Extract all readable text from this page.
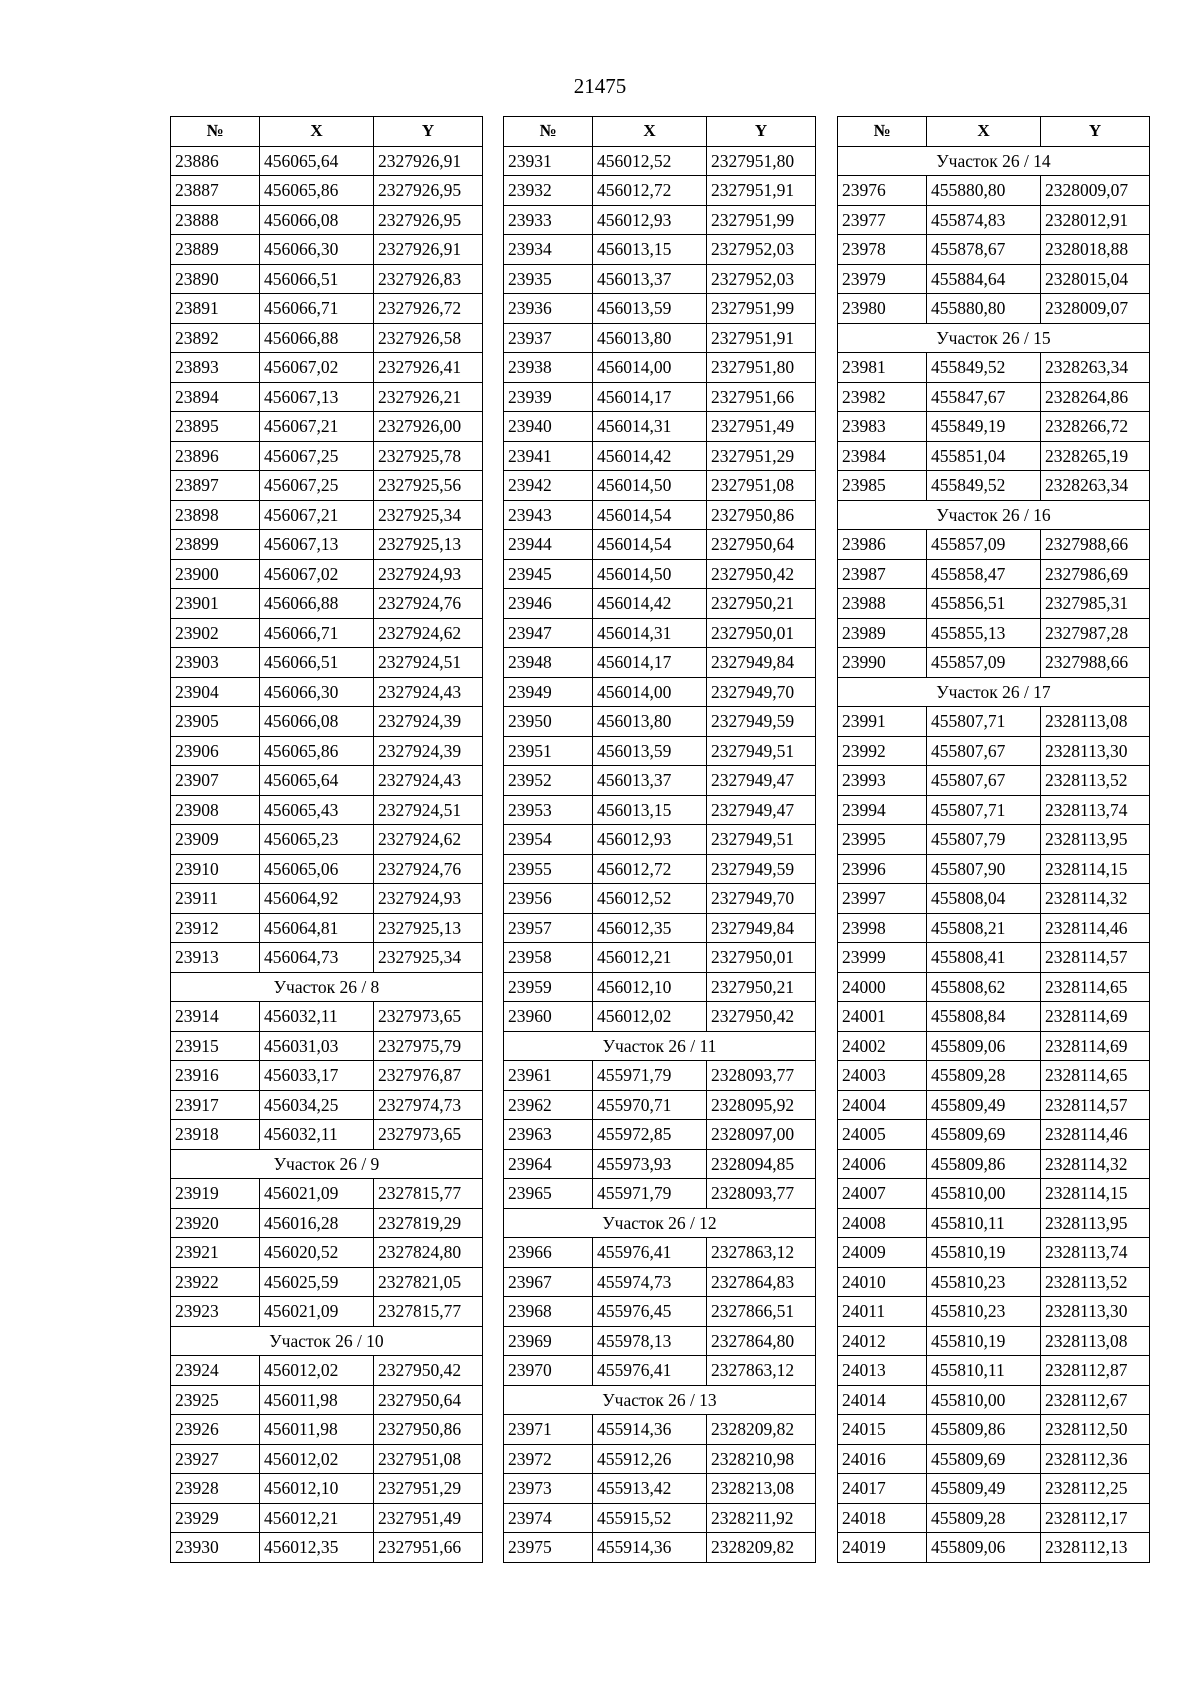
21475
№	X	Y
23886	456065,64	2327926,91
23887	456065,86	2327926,95
23888	456066,08	2327926,95
23889	456066,30	2327926,91
23890	456066,51	2327926,83
23891	456066,71	2327926,72
23892	456066,88	2327926,58
23893	456067,02	2327926,41
23894	456067,13	2327926,21
23895	456067,21	2327926,00
23896	456067,25	2327925,78
23897	456067,25	2327925,56
23898	456067,21	2327925,34
23899	456067,13	2327925,13
23900	456067,02	2327924,93
23901	456066,88	2327924,76
23902	456066,71	2327924,62
23903	456066,51	2327924,51
23904	456066,30	2327924,43
23905	456066,08	2327924,39
23906	456065,86	2327924,39
23907	456065,64	2327924,43
23908	456065,43	2327924,51
23909	456065,23	2327924,62
23910	456065,06	2327924,76
23911	456064,92	2327924,93
23912	456064,81	2327925,13
23913	456064,73	2327925,34
Участок 26 / 8		
23914	456032,11	2327973,65
23915	456031,03	2327975,79
23916	456033,17	2327976,87
23917	456034,25	2327974,73
23918	456032,11	2327973,65
Участок 26 / 9		
23919	456021,09	2327815,77
23920	456016,28	2327819,29
23921	456020,52	2327824,80
23922	456025,59	2327821,05
23923	456021,09	2327815,77
Участок 26 / 10		
23924	456012,02	2327950,42
23925	456011,98	2327950,64
23926	456011,98	2327950,86
23927	456012,02	2327951,08
23928	456012,10	2327951,29
23929	456012,21	2327951,49
23930	456012,35	2327951,66
№	X	Y
23931	456012,52	2327951,80
23932	456012,72	2327951,91
23933	456012,93	2327951,99
23934	456013,15	2327952,03
23935	456013,37	2327952,03
23936	456013,59	2327951,99
23937	456013,80	2327951,91
23938	456014,00	2327951,80
23939	456014,17	2327951,66
23940	456014,31	2327951,49
23941	456014,42	2327951,29
23942	456014,50	2327951,08
23943	456014,54	2327950,86
23944	456014,54	2327950,64
23945	456014,50	2327950,42
23946	456014,42	2327950,21
23947	456014,31	2327950,01
23948	456014,17	2327949,84
23949	456014,00	2327949,70
23950	456013,80	2327949,59
23951	456013,59	2327949,51
23952	456013,37	2327949,47
23953	456013,15	2327949,47
23954	456012,93	2327949,51
23955	456012,72	2327949,59
23956	456012,52	2327949,70
23957	456012,35	2327949,84
23958	456012,21	2327950,01
23959	456012,10	2327950,21
23960	456012,02	2327950,42
Участок 26 / 11		
23961	455971,79	2328093,77
23962	455970,71	2328095,92
23963	455972,85	2328097,00
23964	455973,93	2328094,85
23965	455971,79	2328093,77
Участок 26 / 12		
23966	455976,41	2327863,12
23967	455974,73	2327864,83
23968	455976,45	2327866,51
23969	455978,13	2327864,80
23970	455976,41	2327863,12
Участок 26 / 13		
23971	455914,36	2328209,82
23972	455912,26	2328210,98
23973	455913,42	2328213,08
23974	455915,52	2328211,92
23975	455914,36	2328209,82
№	X	Y
Участок 26 / 14		
23976	455880,80	2328009,07
23977	455874,83	2328012,91
23978	455878,67	2328018,88
23979	455884,64	2328015,04
23980	455880,80	2328009,07
Участок 26 / 15		
23981	455849,52	2328263,34
23982	455847,67	2328264,86
23983	455849,19	2328266,72
23984	455851,04	2328265,19
23985	455849,52	2328263,34
Участок 26 / 16		
23986	455857,09	2327988,66
23987	455858,47	2327986,69
23988	455856,51	2327985,31
23989	455855,13	2327987,28
23990	455857,09	2327988,66
Участок 26 / 17		
23991	455807,71	2328113,08
23992	455807,67	2328113,30
23993	455807,67	2328113,52
23994	455807,71	2328113,74
23995	455807,79	2328113,95
23996	455807,90	2328114,15
23997	455808,04	2328114,32
23998	455808,21	2328114,46
23999	455808,41	2328114,57
24000	455808,62	2328114,65
24001	455808,84	2328114,69
24002	455809,06	2328114,69
24003	455809,28	2328114,65
24004	455809,49	2328114,57
24005	455809,69	2328114,46
24006	455809,86	2328114,32
24007	455810,00	2328114,15
24008	455810,11	2328113,95
24009	455810,19	2328113,74
24010	455810,23	2328113,52
24011	455810,23	2328113,30
24012	455810,19	2328113,08
24013	455810,11	2328112,87
24014	455810,00	2328112,67
24015	455809,86	2328112,50
24016	455809,69	2328112,36
24017	455809,49	2328112,25
24018	455809,28	2328112,17
24019	455809,06	2328112,13
